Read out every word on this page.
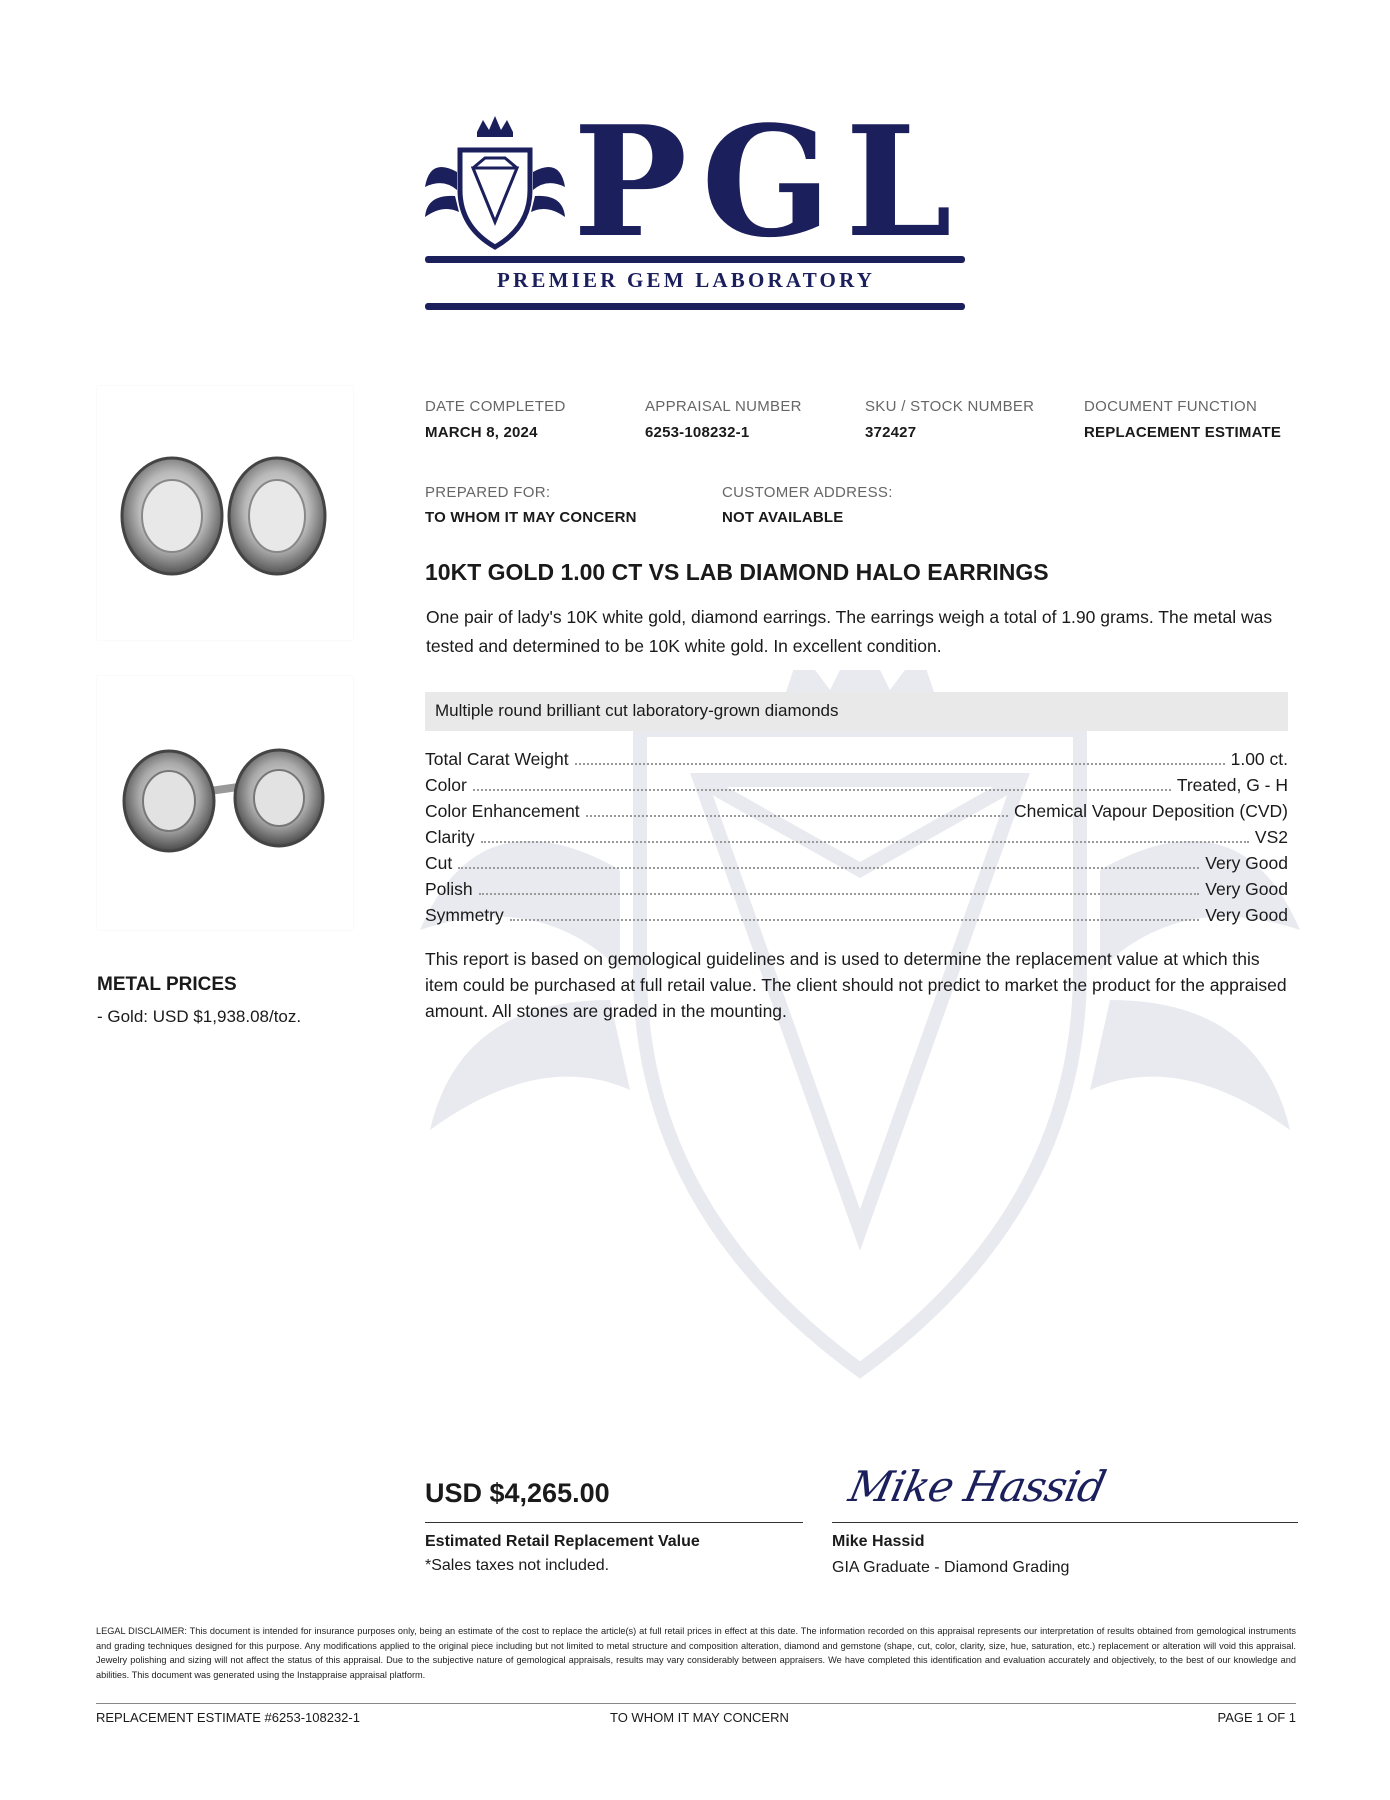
PGL
PREMIER GEM LABORATORY
METAL PRICES
- Gold: USD $1,938.08/toz.
DATE COMPLETED
MARCH 8, 2024
APPRAISAL NUMBER
6253-108232-1
SKU / STOCK NUMBER
372427
DOCUMENT FUNCTION
REPLACEMENT ESTIMATE
PREPARED FOR:
TO WHOM IT MAY CONCERN
CUSTOMER ADDRESS:
NOT AVAILABLE
10KT GOLD 1.00 CT VS LAB DIAMOND HALO EARRINGS
One pair of lady's 10K white gold, diamond earrings. The earrings weigh a total of 1.90 grams. The metal was tested and determined to be 10K white gold. In excellent condition.
Multiple round brilliant cut laboratory-grown diamonds
Total Carat Weight	1.00 ct.
Color	Treated, G - H
Color Enhancement	Chemical Vapour Deposition (CVD)
Clarity	VS2
Cut	Very Good
Polish	Very Good
Symmetry	Very Good
This report is based on gemological guidelines and is used to determine the replacement value at which this item could be purchased at full retail value. The client should not predict to market the product for the appraised amount. All stones are graded in the mounting.
USD $4,265.00
Estimated Retail Replacement Value
*Sales taxes not included.
Mike Hassid
Mike Hassid
GIA Graduate - Diamond Grading
LEGAL DISCLAIMER: This document is intended for insurance purposes only, being an estimate of the cost to replace the article(s) at full retail prices in effect at this date. The information recorded on this appraisal represents our interpretation of results obtained from gemological instruments and grading techniques designed for this purpose. Any modifications applied to the original piece including but not limited to metal structure and composition alteration, diamond and gemstone (shape, cut, color, clarity, size, hue, saturation, etc.) replacement or alteration will void this appraisal. Jewelry polishing and sizing will not affect the status of this appraisal. Due to the subjective nature of gemological appraisals, results may vary considerably between appraisers. We have completed this identification and evaluation accurately and objectively, to the best of our knowledge and abilities. This document was generated using the Instappraise appraisal platform.
REPLACEMENT ESTIMATE #6253-108232-1	TO WHOM IT MAY CONCERN	PAGE 1 OF 1
